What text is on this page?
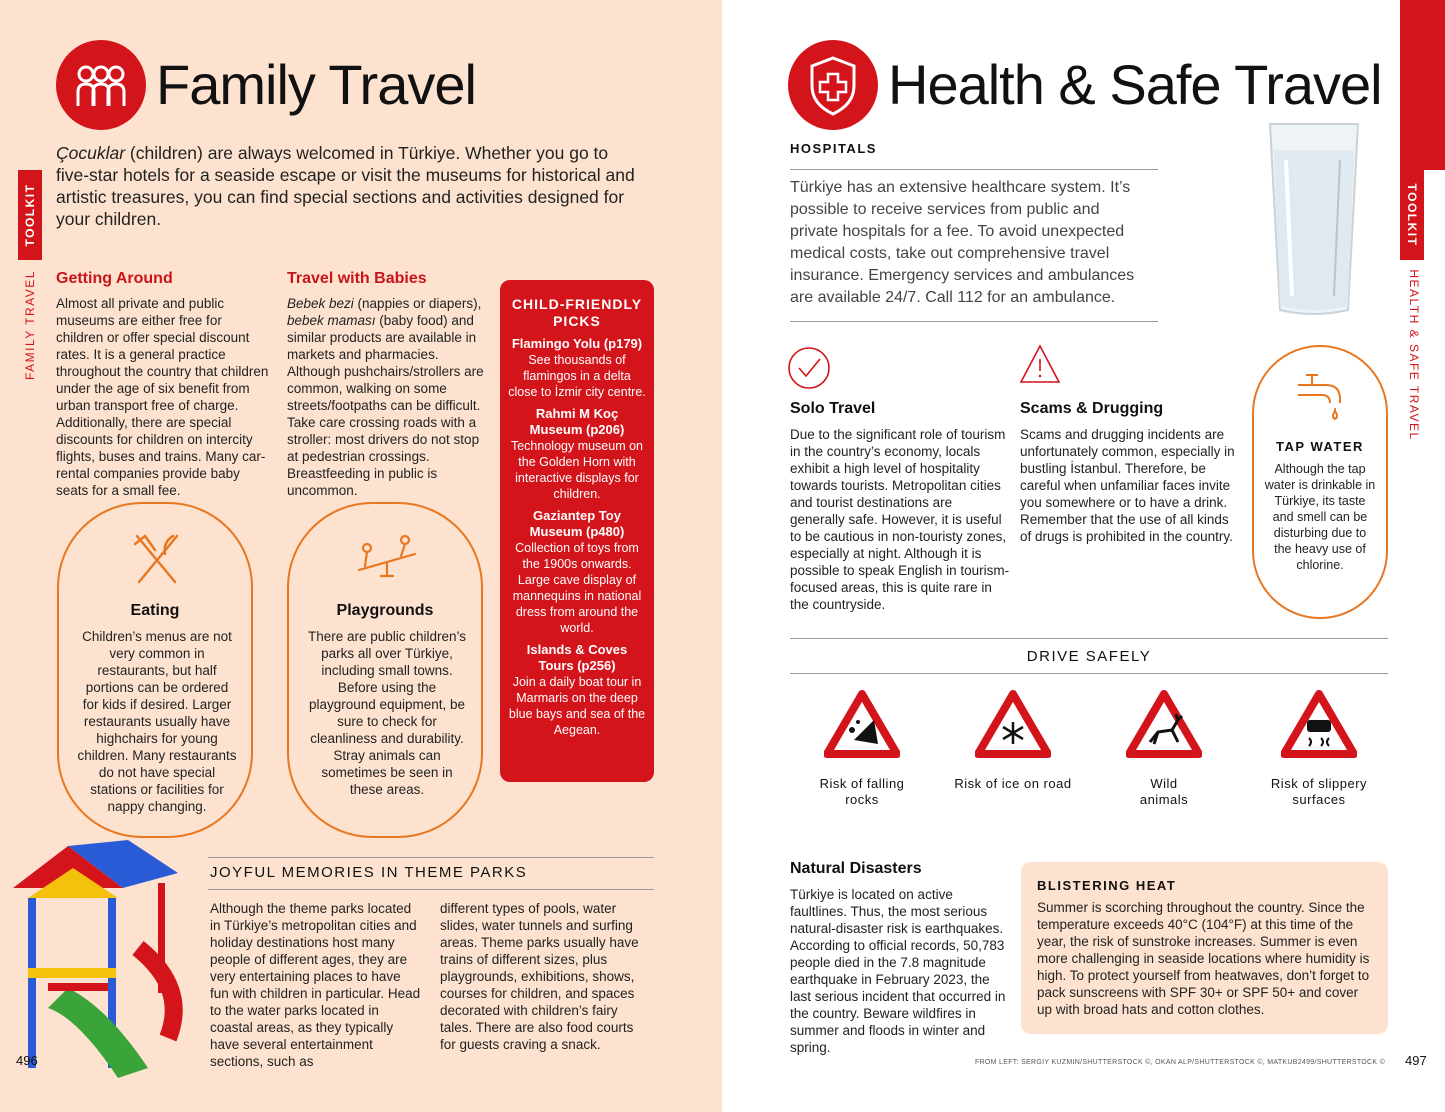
TOOLKIT
FAMILY TRAVEL
Family Travel

Çocuklar (children) are always welcomed in Türkiye. Whether you go to five-star hotels for a seaside escape or visit the museums for historical and artistic treasures, you can find special sections and activities designed for your children.

Getting Around

Almost all private and public museums are either free for children or offer special discount rates. It is a general practice throughout the country that children under the age of six benefit from urban transport free of charge. Additionally, there are special discounts for children on intercity flights, buses and trains. Many car-rental companies provide baby seats for a small fee.

Travel with Babies

Bebek bezi (nappies or diapers), bebek maması (baby food) and similar products are available in markets and pharmacies. Although pushchairs/strollers are common, walking on some streets/footpaths can be difficult. Take care crossing roads with a stroller: most drivers do not stop at pedestrian crossings. Breastfeeding in public is uncommon.

Eating

Children’s menus are not very common in restaurants, but half portions can be ordered for kids if desired. Larger restaurants usually have highchairs for young children. Many restaurants do not have special stations or facilities for nappy changing.

Playgrounds

There are public children’s parks all over Türkiye, including small towns. Before using the playground equipment, be sure to check for cleanliness and durability. Stray animals can sometimes be seen in these areas.

CHILD-FRIENDLY PICKS
Flamingo Yolu (p179)
See thousands of flamingos in a delta close to İzmir city centre.
Rahmi M Koç Museum (p206)
Technology museum on the Golden Horn with interactive displays for children.
Gaziantep Toy Museum (p480)
Collection of toys from the 1900s onwards. Large cave display of mannequins in national dress from around the world.
Islands & Coves Tours (p256)
Join a daily boat tour in Marmaris on the deep blue bays and sea of the Aegean.
JOYFUL MEMORIES IN THEME PARKS

Although the theme parks located in Türkiye’s metropolitan cities and holiday destinations host many people of different ages, they are very entertaining places to have fun with children in particular. Head to the water parks located in coastal areas, as they typically have several entertainment sections, such as

different types of pools, water slides, water tunnels and surfing areas. Theme parks usually have trains of different sizes, plus playgrounds, exhibitions, shows, courses for children, and spaces decorated with children’s fairy tales. There are also food courts for guests craving a snack.

496
TOOLKIT
HEALTH & SAFE TRAVEL
Health & Safe Travel
HOSPITALS

Türkiye has an extensive healthcare system. It’s possible to receive services from public and private hospitals for a fee. To avoid unexpected medical costs, take out comprehensive travel insurance. Emergency services and ambulances are available 24/7. Call 112 for an ambulance.

Solo Travel

Due to the significant role of tourism in the country’s economy, locals exhibit a high level of hospitality towards tourists. Metropolitan cities and tourist destinations are generally safe. However, it is useful to be cautious in non-touristy zones, especially at night. Although it is possible to speak English in tourism-focused areas, this is quite rare in the countryside.

Scams & Drugging

Scams and drugging incidents are unfortunately common, especially in bustling İstanbul. Therefore, be careful when unfamiliar faces invite you somewhere or to have a drink. Remember that the use of all kinds of drugs is prohibited in the country.

TAP WATER

Although the tap water is drinkable in Türkiye, its taste and smell can be disturbing due to the heavy use of chlorine.

DRIVE SAFELY
Risk of falling rocks
Risk of ice on road	Wild animals
Risk of slippery surfaces
Natural Disasters

Türkiye is located on active faultlines. Thus, the most serious natural-disaster risk is earthquakes. According to official records, 50,783 people died in the 7.8 magnitude earthquake in February 2023, the last serious incident that occurred in the country. Beware wildfires in summer and floods in winter and spring.

BLISTERING HEAT

Summer is scorching throughout the country. Since the temperature exceeds 40°C (104°F) at this time of the year, the risk of sunstroke increases. Summer is even more challenging in seaside locations where humidity is high. To protect yourself from heatwaves, don’t forget to pack sunscreens with SPF 30+ or SPF 50+ and cover up with broad hats and cotton clothes.

FROM LEFT: SERGIY KUZMIN/SHUTTERSTOCK ©, OKAN ALP/SHUTTERSTOCK ©, MATKUB2499/SHUTTERSTOCK © 497
